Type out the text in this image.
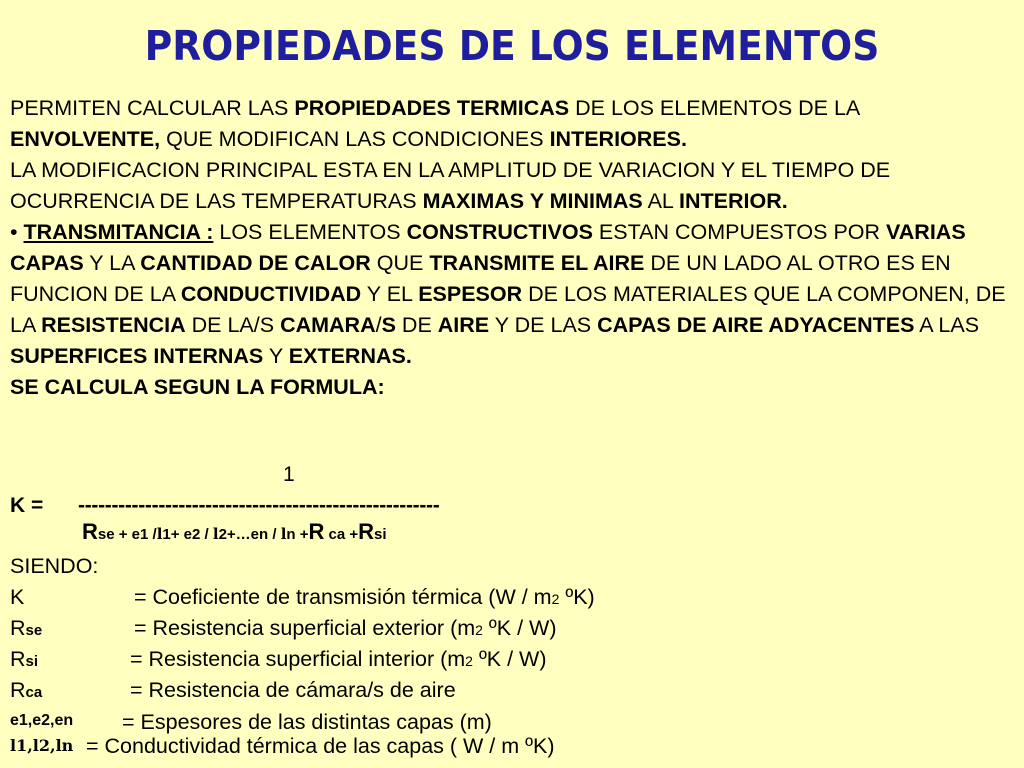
PROPIEDADES DE LOS ELEMENTOS

PERMITEN CALCULAR LAS PROPIEDADES TERMICAS DE LOS ELEMENTOS DE LA ENVOLVENTE, QUE MODIFICAN LAS CONDICIONES INTERIORES.

LA MODIFICACION PRINCIPAL ESTA EN LA AMPLITUD DE VARIACION Y EL TIEMPO DE OCURRENCIA DE LAS TEMPERATURAS MAXIMAS Y MINIMAS AL INTERIOR.

• TRANSMITANCIA : LOS ELEMENTOS CONSTRUCTIVOS ESTAN COMPUESTOS POR VARIAS CAPAS Y LA CANTIDAD DE CALOR QUE TRANSMITE EL AIRE DE UN LADO AL OTRO ES EN FUNCION DE LA CONDUCTIVIDAD Y EL ESPESOR DE LOS MATERIALES QUE LA COMPONEN, DE LA RESISTENCIA DE LA/S CAMARA/S DE AIRE Y DE LAS CAPAS DE AIRE ADYACENTES A LAS SUPERFICES INTERNAS Y EXTERNAS.

SE CALCULA SEGUN LA FORMULA:

1
K = ------------------------------------------------------
Rse + e1 /l1+ e2 / l2+…en / ln +R ca +Rsi
SIENDO:
K	= Coeficiente de transmisión térmica (W / m2 ºK)
Rse	= Resistencia superficial exterior (m2 ºK / W)
Rsi	= Resistencia superficial interior (m2 ºK / W)
Rca	= Resistencia de cámara/s de aire
e1,e2,en = Espesores de las distintas capas (m)
l1,l2,ln = Conductividad térmica de las capas ( W / m ºK)
